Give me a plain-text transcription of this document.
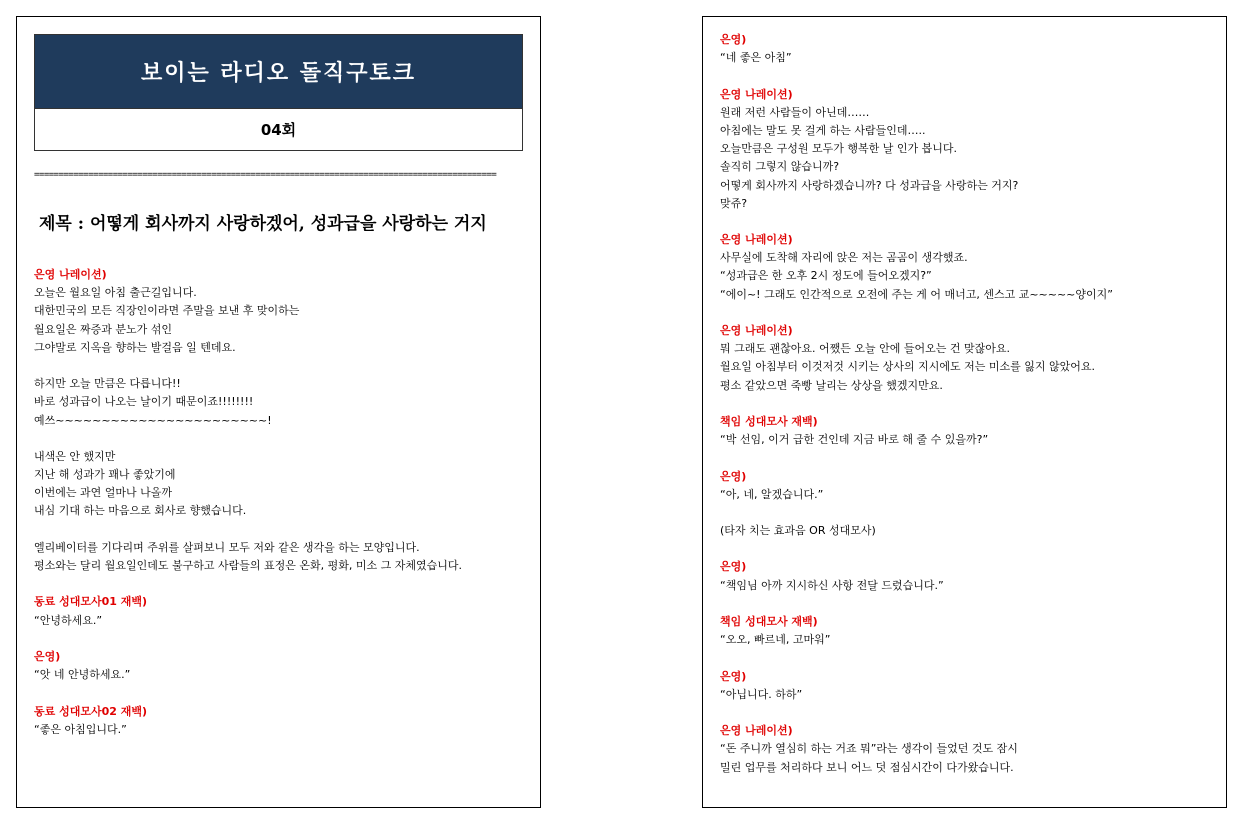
보이는 라디오 돌직구토크
04회
==============================================================================================
제목 : 어떻게 회사까지 사랑하겠어, 성과급을 사랑하는 거지
은영 나레이션)
오늘은 월요일 아침 출근길입니다.
대한민국의 모든 직장인이라면 주말을 보낸 후 맞이하는
월요일은 짜증과 분노가 섞인
그야말로 지옥을 향하는 발걸음 일 텐데요.
하지만 오늘 만큼은 다릅니다!!
바로 성과급이 나오는 날이기 때문이죠!!!!!!!!
예쓰~~~~~~~~~~~~~~~~~~~~~~~!
내색은 안 했지만
지난 해 성과가 꽤나 좋았기에
이번에는 과연 얼마나 나올까
내심 기대 하는 마음으로 회사로 향했습니다.
엘리베이터를 기다리며 주위를 살펴보니 모두 저와 같은 생각을 하는 모양입니다.
평소와는 달리 월요일인데도 불구하고 사람들의 표정은 온화, 평화, 미소 그 자체였습니다.
동료 성대모사01 재백)
“안녕하세요.”
은영)
“앗 네 안녕하세요.”
동료 성대모사02 재백)
“좋은 아침입니다.”
은영)
“네 좋은 아침”
은영 나레이션)
원래 저런 사람들이 아닌데……
아침에는 말도 못 걸게 하는 사람들인데…..
오늘만큼은 구성원 모두가 행복한 날 인가 봅니다.
솔직히 그렇지 않습니까?
어떻게 회사까지 사랑하겠습니까? 다 성과급을 사랑하는 거지?
맞쥬?
은영 나레이션)
사무실에 도착해 자리에 앉은 저는 곰곰이 생각했죠.
“성과급은 한 오후 2시 정도에 들어오겠지?”
“에이~! 그래도 인간적으로 오전에 주는 게 어 매너고, 센스고 교~~~~~양이지”
은영 나레이션)
뭐 그래도 괜찮아요. 어쨌든 오늘 안에 들어오는 건 맞잖아요.
월요일 아침부터 이것저것 시키는 상사의 지시에도 저는 미소를 잃지 않았어요.
평소 같았으면 죽빵 날리는 상상을 했겠지만요.
책임 성대모사 재백)
“박 선임, 이거 급한 건인데 지금 바로 해 줄 수 있을까?”
은영)
“아, 네, 알겠습니다.”
(타자 치는 효과음 OR 성대모사)
은영)
“책임님 아까 지시하신 사항 전달 드렸습니다.”
책임 성대모사 재백)
“오오, 빠르네, 고마워”
은영)
“아닙니다. 하하”
은영 나레이션)
“돈 주니까 열심히 하는 거죠 뭐”라는 생각이 들었던 것도 잠시
밀린 업무를 처리하다 보니 어느 덧 점심시간이 다가왔습니다.
